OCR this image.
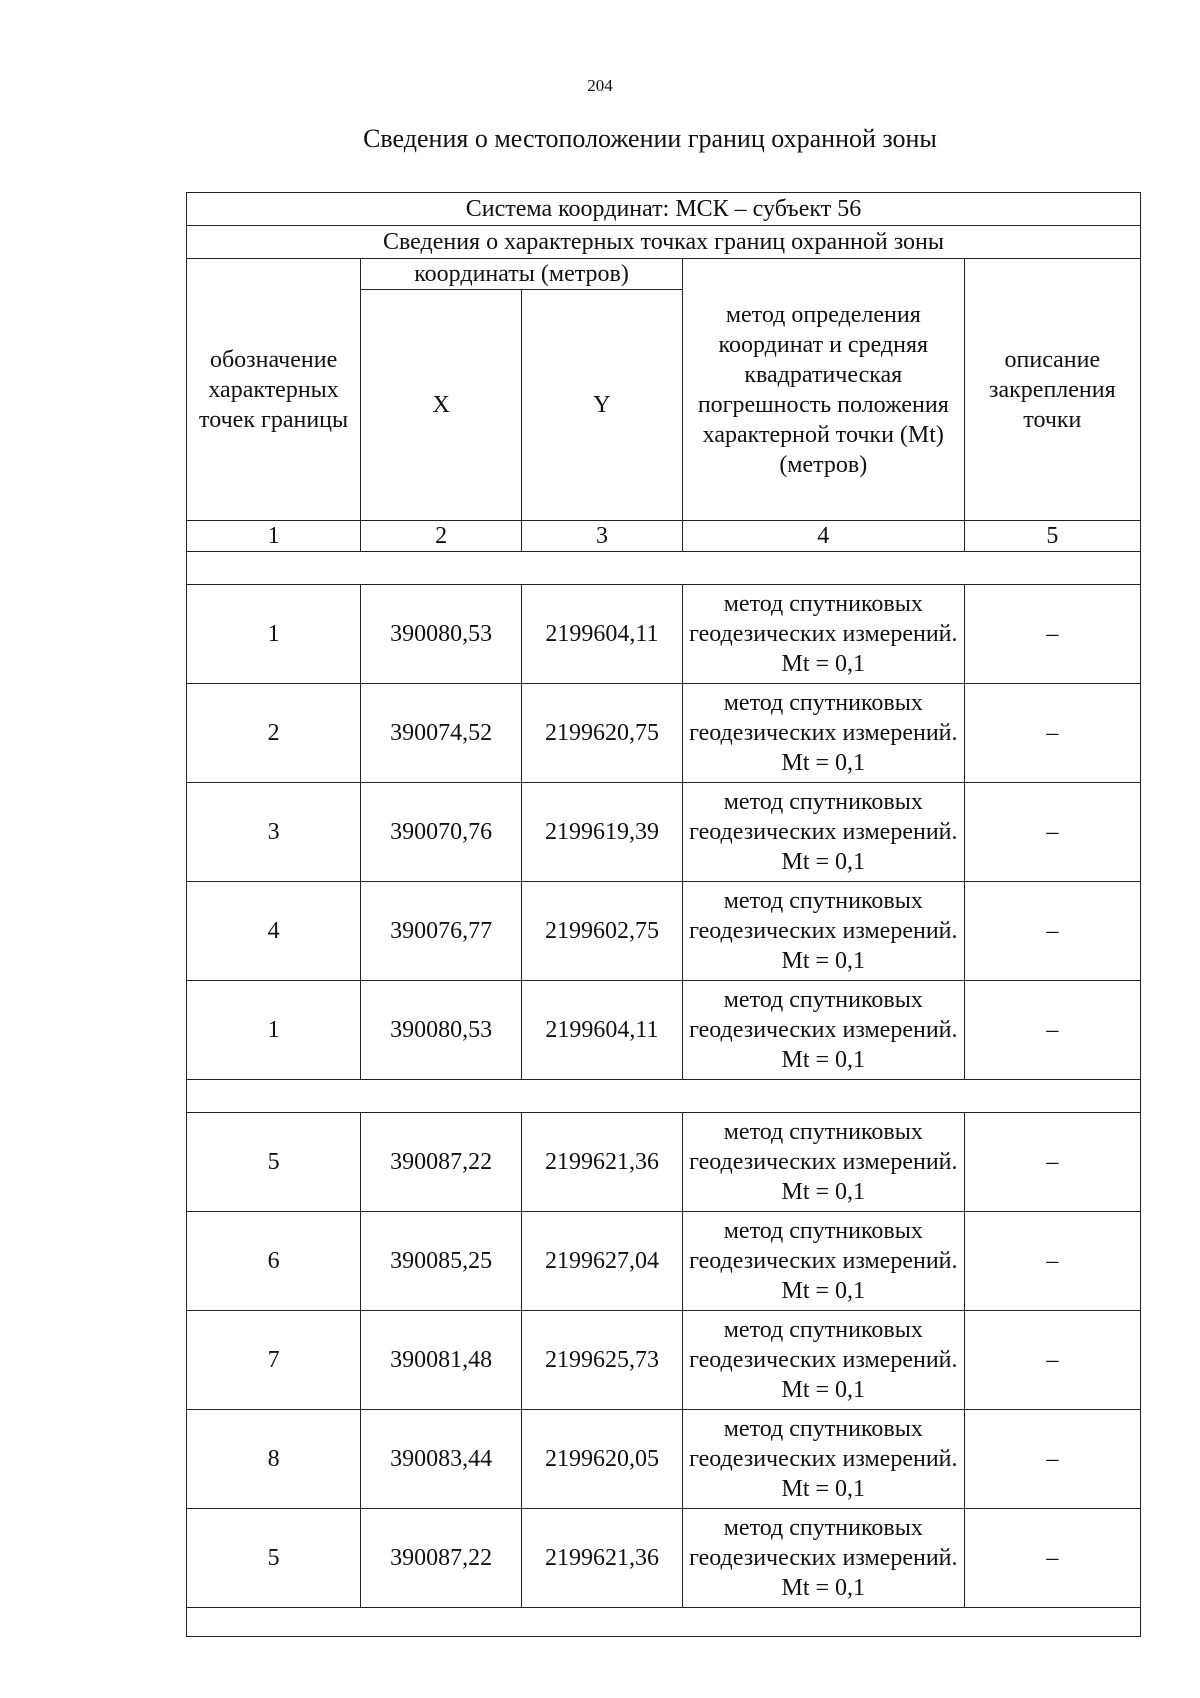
204
Сведения о местоположении границ охранной зоны
Система координат: МСК – субъект 56				
Сведения о характерных точках границ охранной зоны				
обозначение характерных точек границы	координаты (метров)		метод определения координат и средняя квадратическая погрешность положения характерной точки (Mt) (метров)	описание закрепления точки
	X	Y		
1	2	3	4	5

1	390080,53	2199604,11	метод спутниковых геодезических измерений. Mt = 0,1	–
2	390074,52	2199620,75	метод спутниковых геодезических измерений. Mt = 0,1	–
3	390070,76	2199619,39	метод спутниковых геодезических измерений. Mt = 0,1	–
4	390076,77	2199602,75	метод спутниковых геодезических измерений. Mt = 0,1	–
1	390080,53	2199604,11	метод спутниковых геодезических измерений. Mt = 0,1	–

5	390087,22	2199621,36	метод спутниковых геодезических измерений. Mt = 0,1	–
6	390085,25	2199627,04	метод спутниковых геодезических измерений. Mt = 0,1	–
7	390081,48	2199625,73	метод спутниковых геодезических измерений. Mt = 0,1	–
8	390083,44	2199620,05	метод спутниковых геодезических измерений. Mt = 0,1	–
5	390087,22	2199621,36	метод спутниковых геодезических измерений. Mt = 0,1	–
